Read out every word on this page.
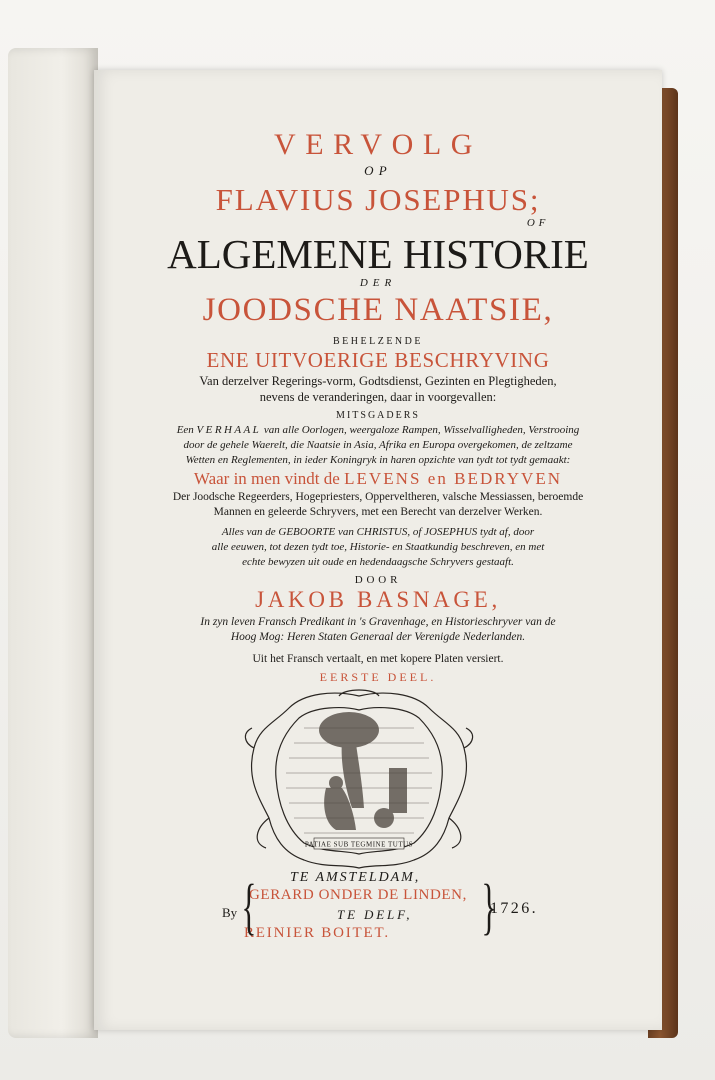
VERVOLG
OP
FLAVIUS JOSEPHUS;
OF
ALGEMENE HISTORIE
DER
JOODSCHE NAATSIE,
BEHELZENDE
ENE UITVOERIGE BESCHRYVING
Van derzelver Regerings-vorm, Godtsdienst, Gezinten en Plegtigheden,
nevens de veranderingen, daar in voorgevallen:
MITSGADERS
Een VERHAAL van alle Oorlogen, weergaloze Rampen, Wisselvalligheden, Verstrooing
door de gehele Waerelt, die Naatsie in Asia, Afrika en Europa overgekomen, de zeltzame
Wetten en Reglementen, in ieder Koningryk in haren opzichte van tydt tot tydt gemaakt:
Waar in men vindt de LEVENS en BEDRYVEN
Der Joodsche Regeerders, Hogepriesters, Opperveltheren, valsche Messiassen, beroemde
Mannen en geleerde Schryvers, met een Berecht van derzelver Werken.
Alles van de GEBOORTE van CHRISTUS, of JOSEPHUS tydt af, door
alle eeuwen, tot dezen tydt toe, Historie- en Staatkundig beschreven, en met
echte bewyzen uit oude en hedendaagsche Schryvers gestaaft.
DOOR
JAKOB BASNAGE,
In zyn leven Fransch Predikant in 's Gravenhage, en Historieschryver van de
Hoog Mog: Heren Staten Generaal der Verenigde Nederlanden.
Uit het Fransch vertaalt, en met kopere Platen versiert.
EERSTE DEEL.
PATIAE SUB TEGMINE TUTUS
TE AMSTELDAM,
GERARD ONDER DE LINDEN,
TE DELF,
REINIER BOITET.
By {	}
1726.
